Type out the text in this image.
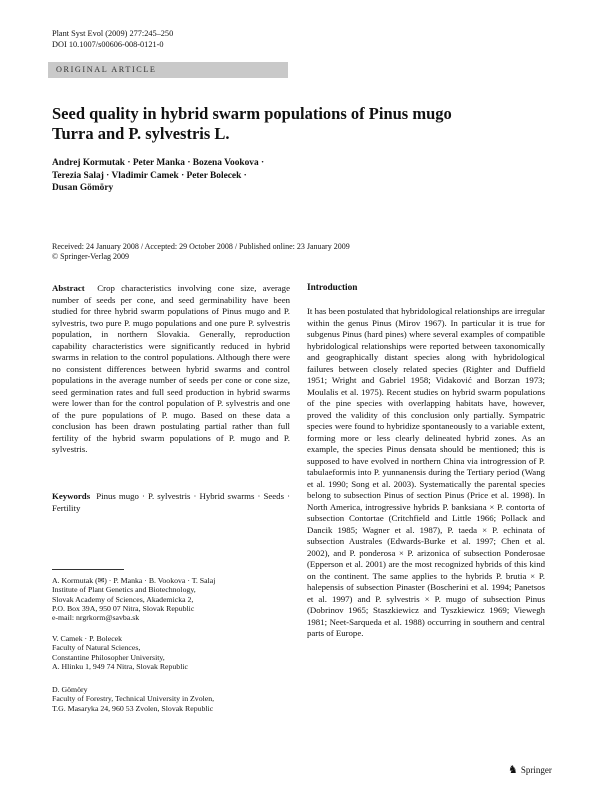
Plant Syst Evol (2009) 277:245–250
DOI 10.1007/s00606-008-0121-0
ORIGINAL ARTICLE
Seed quality in hybrid swarm populations of Pinus mugo
Turra and P. sylvestris L.
Andrej Kormutak · Peter Manka · Bozena Vookova ·
Terezia Salaj · Vladimir Camek · Peter Bolecek ·
Dusan Gömöry
Received: 24 January 2008 / Accepted: 29 October 2008 / Published online: 23 January 2009
© Springer-Verlag 2009
Abstract Crop characteristics involving cone size, average number of seeds per cone, and seed germinability have been studied for three hybrid swarm populations of Pinus mugo and P. sylvestris, two pure P. mugo populations and one pure P. sylvestris population, in northern Slovakia. Generally, reproduction capability characteristics were significantly reduced in hybrid swarms in relation to the control populations. Although there were no consistent differences between hybrid swarms and control populations in the average number of seeds per cone or cone size, seed germination rates and full seed production in hybrid swarms were lower than for the control population of P. sylvestris and one of the pure populations of P. mugo. Based on these data a conclusion has been drawn postulating partial rather than full fertility of the hybrid swarm populations of P. mugo and P. sylvestris.
Keywords Pinus mugo · P. sylvestris · Hybrid swarms · Seeds · Fertility
A. Kormutak (✉) · P. Manka · B. Vookova · T. Salaj
Institute of Plant Genetics and Biotechnology,
Slovak Academy of Sciences, Akademicka 2,
P.O. Box 39A, 950 07 Nitra, Slovak Republic
e-mail: nrgrkorm@savba.sk
V. Camek · P. Bolecek
Faculty of Natural Sciences,
Constantine Philosopher University,
A. Hlinku 1, 949 74 Nitra, Slovak Republic
D. Gömöry
Faculty of Forestry, Technical University in Zvolen,
T.G. Masaryka 24, 960 53 Zvolen, Slovak Republic
Introduction
It has been postulated that hybridological relationships are irregular within the genus Pinus (Mirov 1967). In particular it is true for subgenus Pinus (hard pines) where several examples of compatible hybridological relationships were reported between taxonomically and geographically distant species along with hybridological failures between closely related species (Righter and Duffield 1951; Wright and Gabriel 1958; Vidaković and Borzan 1973; Moulalis et al. 1975). Recent studies on hybrid swarm populations of the pine species with overlapping habitats have, however, proved the validity of this conclusion only partially. Sympatric species were found to hybridize spontaneously to a variable extent, forming more or less clearly delineated hybrid zones. As an example, the species Pinus densata should be mentioned; this is supposed to have evolved in northern China via introgression of P. tabulaeformis into P. yunnanensis during the Tertiary period (Wang et al. 1990; Song et al. 2003). Systematically the parental species belong to subsection Pinus of section Pinus (Price et al. 1998). In North America, introgressive hybrids P. banksiana × P. contorta of subsection Contortae (Critchfield and Little 1966; Pollack and Dancik 1985; Wagner et al. 1987), P. taeda × P. echinata of subsection Australes (Edwards-Burke et al. 1997; Chen et al. 2002), and P. ponderosa × P. arizonica of subsection Ponderosae (Epperson et al. 2001) are the most recognized hybrids of this kind on the continent. The same applies to the hybrids P. brutia × P. halepensis of subsection Pinaster (Boscherini et al. 1994; Panetsos et al. 1997) and P. sylvestris × P. mugo of subsection Pinus (Dobrinov 1965; Staszkiewicz and Tyszkiewicz 1969; Viewegh 1981; Neet-Sarqueda et al. 1988) occurring in southern and central parts of Europe.
♞ Springer
